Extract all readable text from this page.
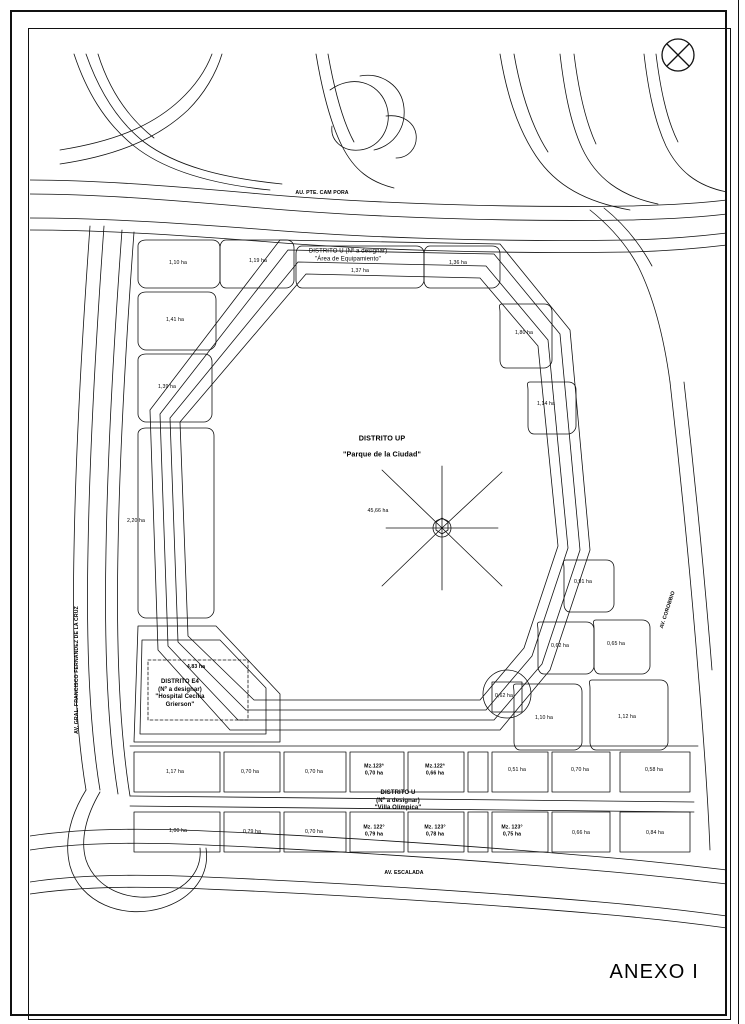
AU. PTE. CAM PORA
AV. GRAL. FRANCISCO FERNANDEZ DE LA CRUZ	AV. COROBBIO
AV. ESCALADA
DISTRITO UP
"Parque de la Ciudad"
45,66 ha
DISTRITO U (Nº a designar)
"Área de Equipamiento"
DISTRITO E4
(Nº a designar)
"Hospital Cecilia
Grierson"
DISTRITO U
(Nº a designar)
"Villa Olímpica"
1,10 ha	1,19 ha
1,37 ha
1,36 ha
1,41 ha
1,80 ha
1,39 ha
1,14 ha
2,20 ha
0,91 ha
0,62 ha	0,65 ha
0,62 ha
1,10 ha	1,12 ha
4,83 ha
1,17 ha	0,70 ha	0,70 ha	0,51 ha	0,70 ha	0,58 ha
1,00 ha	0,79 ha	0,70 ha	0,66 ha	0,84 ha
Mz.123ª
0,70 ha
Mz.122ª
0,66 ha
Mz. 122°
0,79 ha
Mz. 123°
0,78 ha
Mz. 123°
0,75 ha
ANEXO I
